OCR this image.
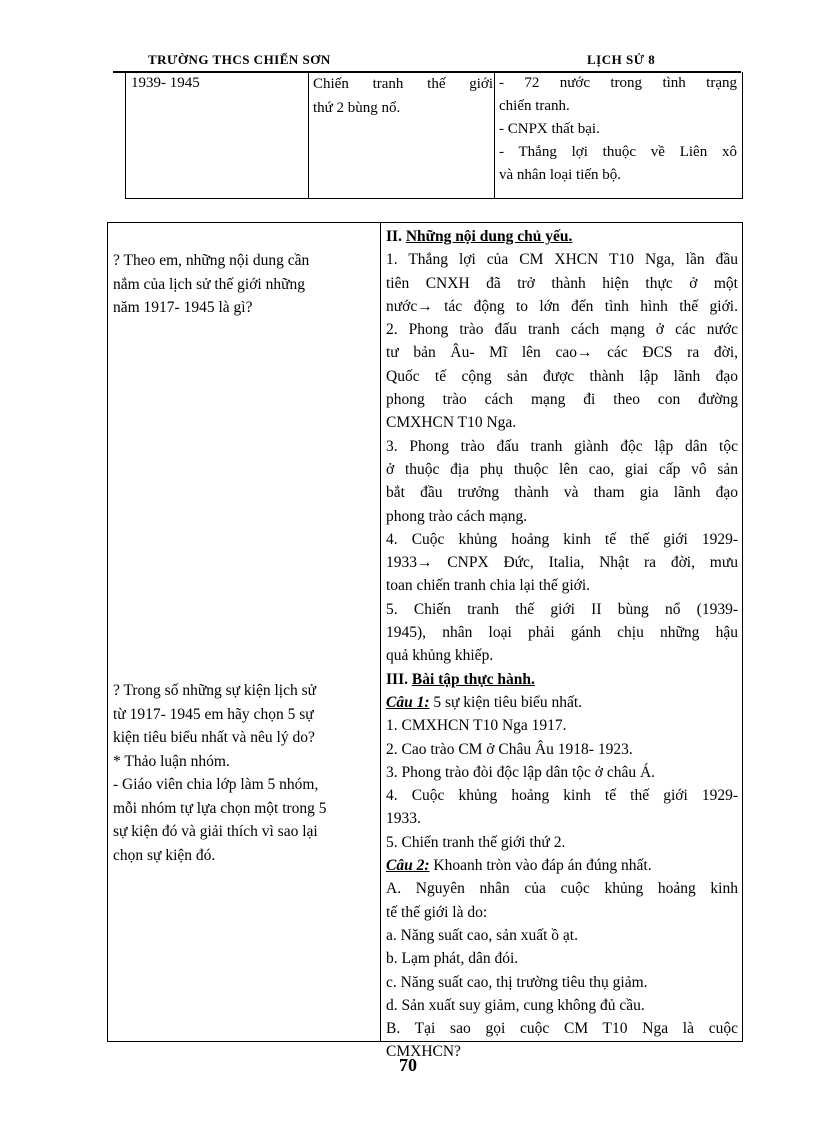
TRƯỜNG THCS CHIẾN SƠN	LỊCH SỬ 8
1939- 1945	Chiến tranh thế giới
thứ 2 bùng nổ.
- 72 nước trong tình trạng
chiến tranh.
- CNPX thất bại.
- Thắng lợi thuộc về Liên xô
và nhân loại tiến bộ.
? Theo em, những nội dung cần
nắm của lịch sử thế giới những
năm 1917- 1945 là gì?
? Trong số những sự kiện lịch sử
từ 1917- 1945 em hãy chọn 5 sự
kiện tiêu biểu nhất và nêu lý do?
* Thảo luận nhóm.
- Giáo viên chia lớp làm 5 nhóm,
mỗi nhóm tự lựa chọn một trong 5
sự kiện đó và giải thích vì sao lại
chọn sự kiện đó.
II. Những nội dung chủ yếu.
1. Thắng lợi của CM XHCN T10 Nga, lần đầu
tiên CNXH đã trở thành hiện thực ở một
nước→ tác động to lớn đến tình hình thế giới.
2. Phong trào đấu tranh cách mạng ở các nước
tư bản Âu- Mĩ lên cao→ các ĐCS ra đời,
Quốc tế cộng sản được thành lập lãnh đạo
phong trào cách mạng đi theo con đường
CMXHCN T10 Nga.
3. Phong trào đấu tranh giành độc lập dân tộc
ở thuộc địa phụ thuộc lên cao, giai cấp vô sản
bắt đầu trưởng thành và tham gia lãnh đạo
phong trào cách mạng.
4. Cuộc khủng hoảng kinh tế thế giới 1929-
1933→ CNPX Đức, Italia, Nhật ra đời, mưu
toan chiến tranh chia lại thế giới.
5. Chiến tranh thế giới II bùng nổ (1939-
1945), nhân loại phải gánh chịu những hậu
quả khủng khiếp.
III. Bài tập thực hành.
Câu 1: 5 sự kiện tiêu biểu nhất.
1. CMXHCN T10 Nga 1917.
2. Cao trào CM ở Châu Âu 1918- 1923.
3. Phong trào đòi độc lập dân tộc ở châu Á.
4. Cuộc khủng hoảng kinh tế thế giới 1929-
1933.
5. Chiến tranh thế giới thứ 2.
Câu 2: Khoanh tròn vào đáp án đúng nhất.
A. Nguyên nhân của cuộc khủng hoảng kinh
tế thế giới là do:
a. Năng suất cao, sản xuất ồ ạt.
b. Lạm phát, dân đói.
c. Năng suất cao, thị trường tiêu thụ giảm.
d. Sản xuất suy giảm, cung không đủ cầu.
B. Tại sao gọi cuộc CM T10 Nga là cuộc
CMXHCN?
70
